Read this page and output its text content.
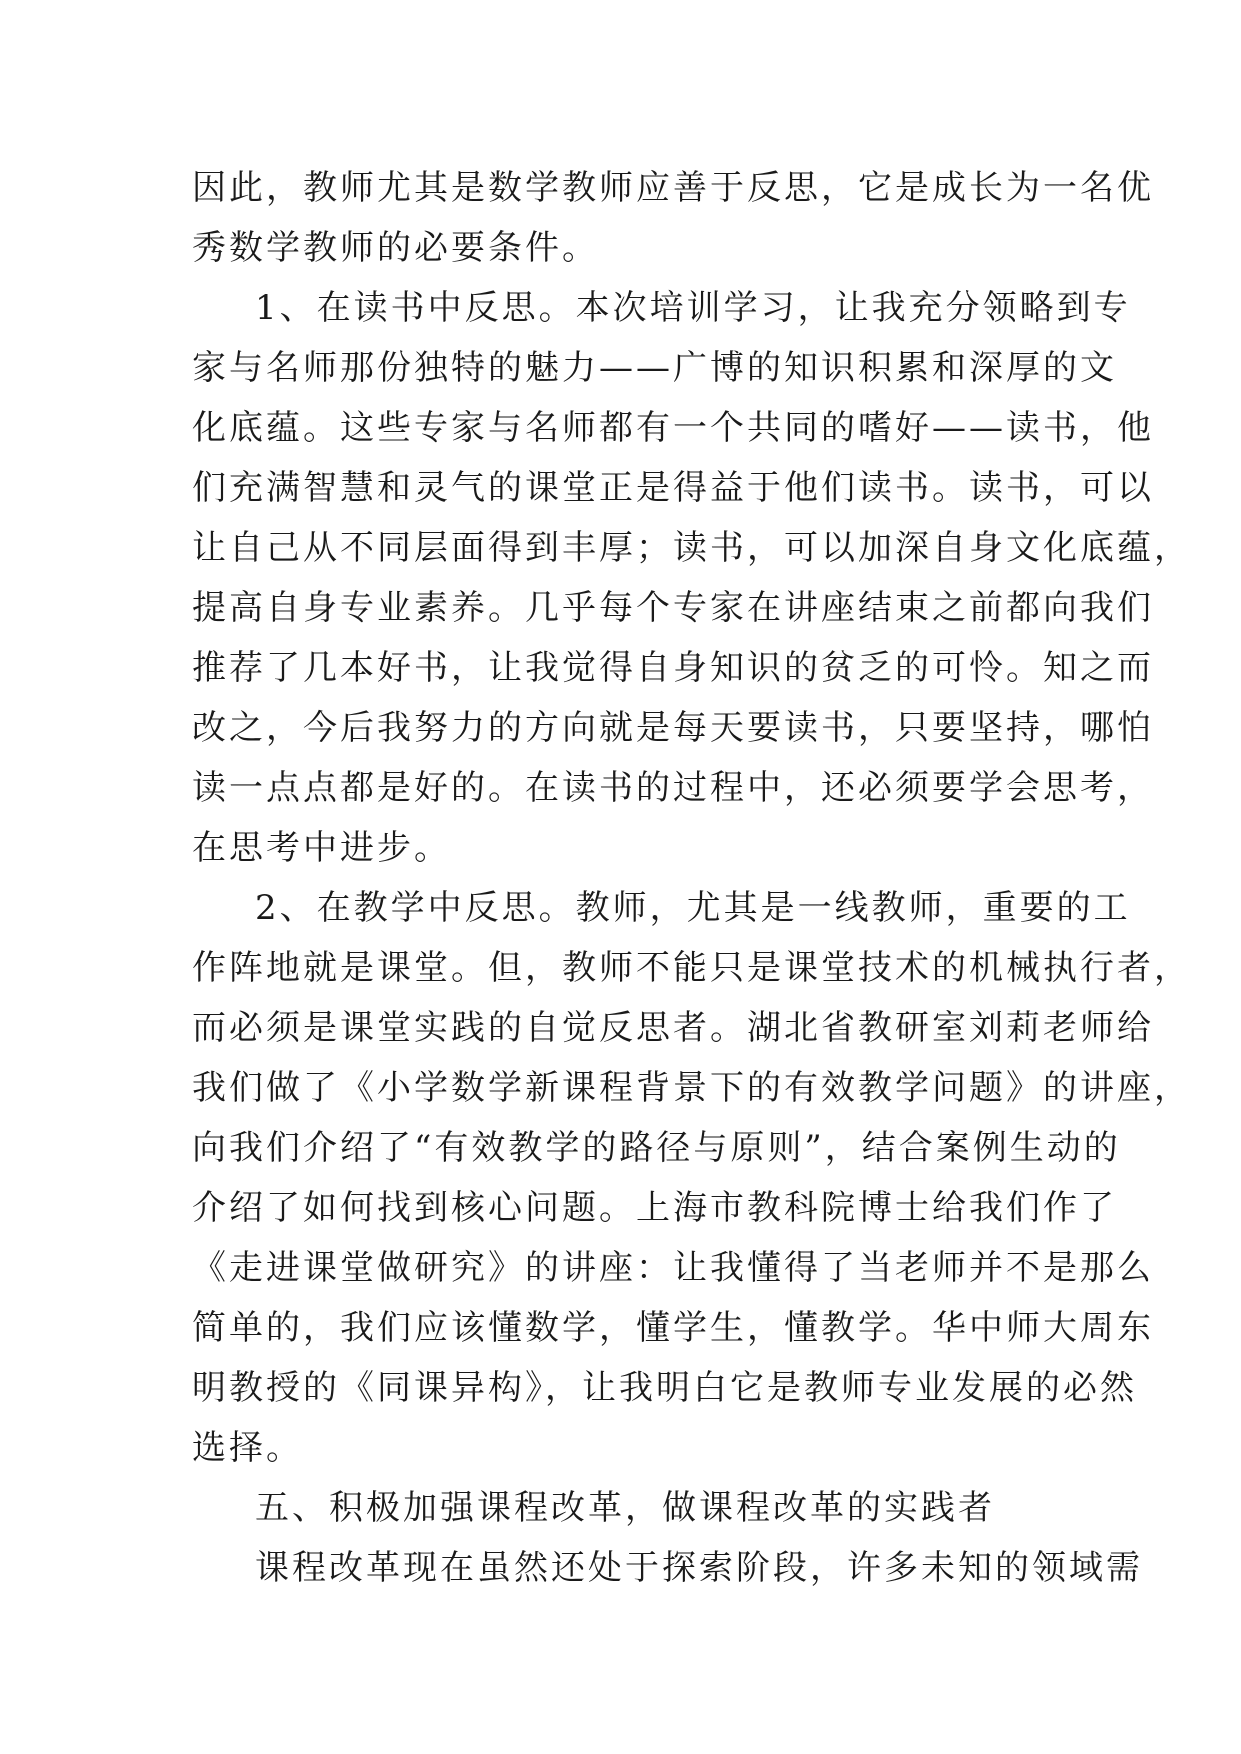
因此，教师尤其是数学教师应善于反思，它是成长为一名优
秀数学教师的必要条件。
1、在读书中反思。本次培训学习，让我充分领略到专
家与名师那份独特的魅力——广博的知识积累和深厚的文
化底蕴。这些专家与名师都有一个共同的嗜好——读书，他
们充满智慧和灵气的课堂正是得益于他们读书。读书，可以
让自己从不同层面得到丰厚；读书，可以加深自身文化底蕴，
提高自身专业素养。几乎每个专家在讲座结束之前都向我们
推荐了几本好书，让我觉得自身知识的贫乏的可怜。知之而
改之，今后我努力的方向就是每天要读书，只要坚持，哪怕
读一点点都是好的。在读书的过程中，还必须要学会思考，
在思考中进步。
2、在教学中反思。教师，尤其是一线教师，重要的工
作阵地就是课堂。但，教师不能只是课堂技术的机械执行者，
而必须是课堂实践的自觉反思者。湖北省教研室刘莉老师给
我们做了《小学数学新课程背景下的有效教学问题》的讲座，
向我们介绍了“有效教学的路径与原则”，结合案例生动的
介绍了如何找到核心问题。上海市教科院博士给我们作了
《走进课堂做研究》的讲座：让我懂得了当老师并不是那么
简单的，我们应该懂数学，懂学生，懂教学。华中师大周东
明教授的《同课异构》，让我明白它是教师专业发展的必然
选择。
五、积极加强课程改革，做课程改革的实践者
课程改革现在虽然还处于探索阶段，许多未知的领域需
